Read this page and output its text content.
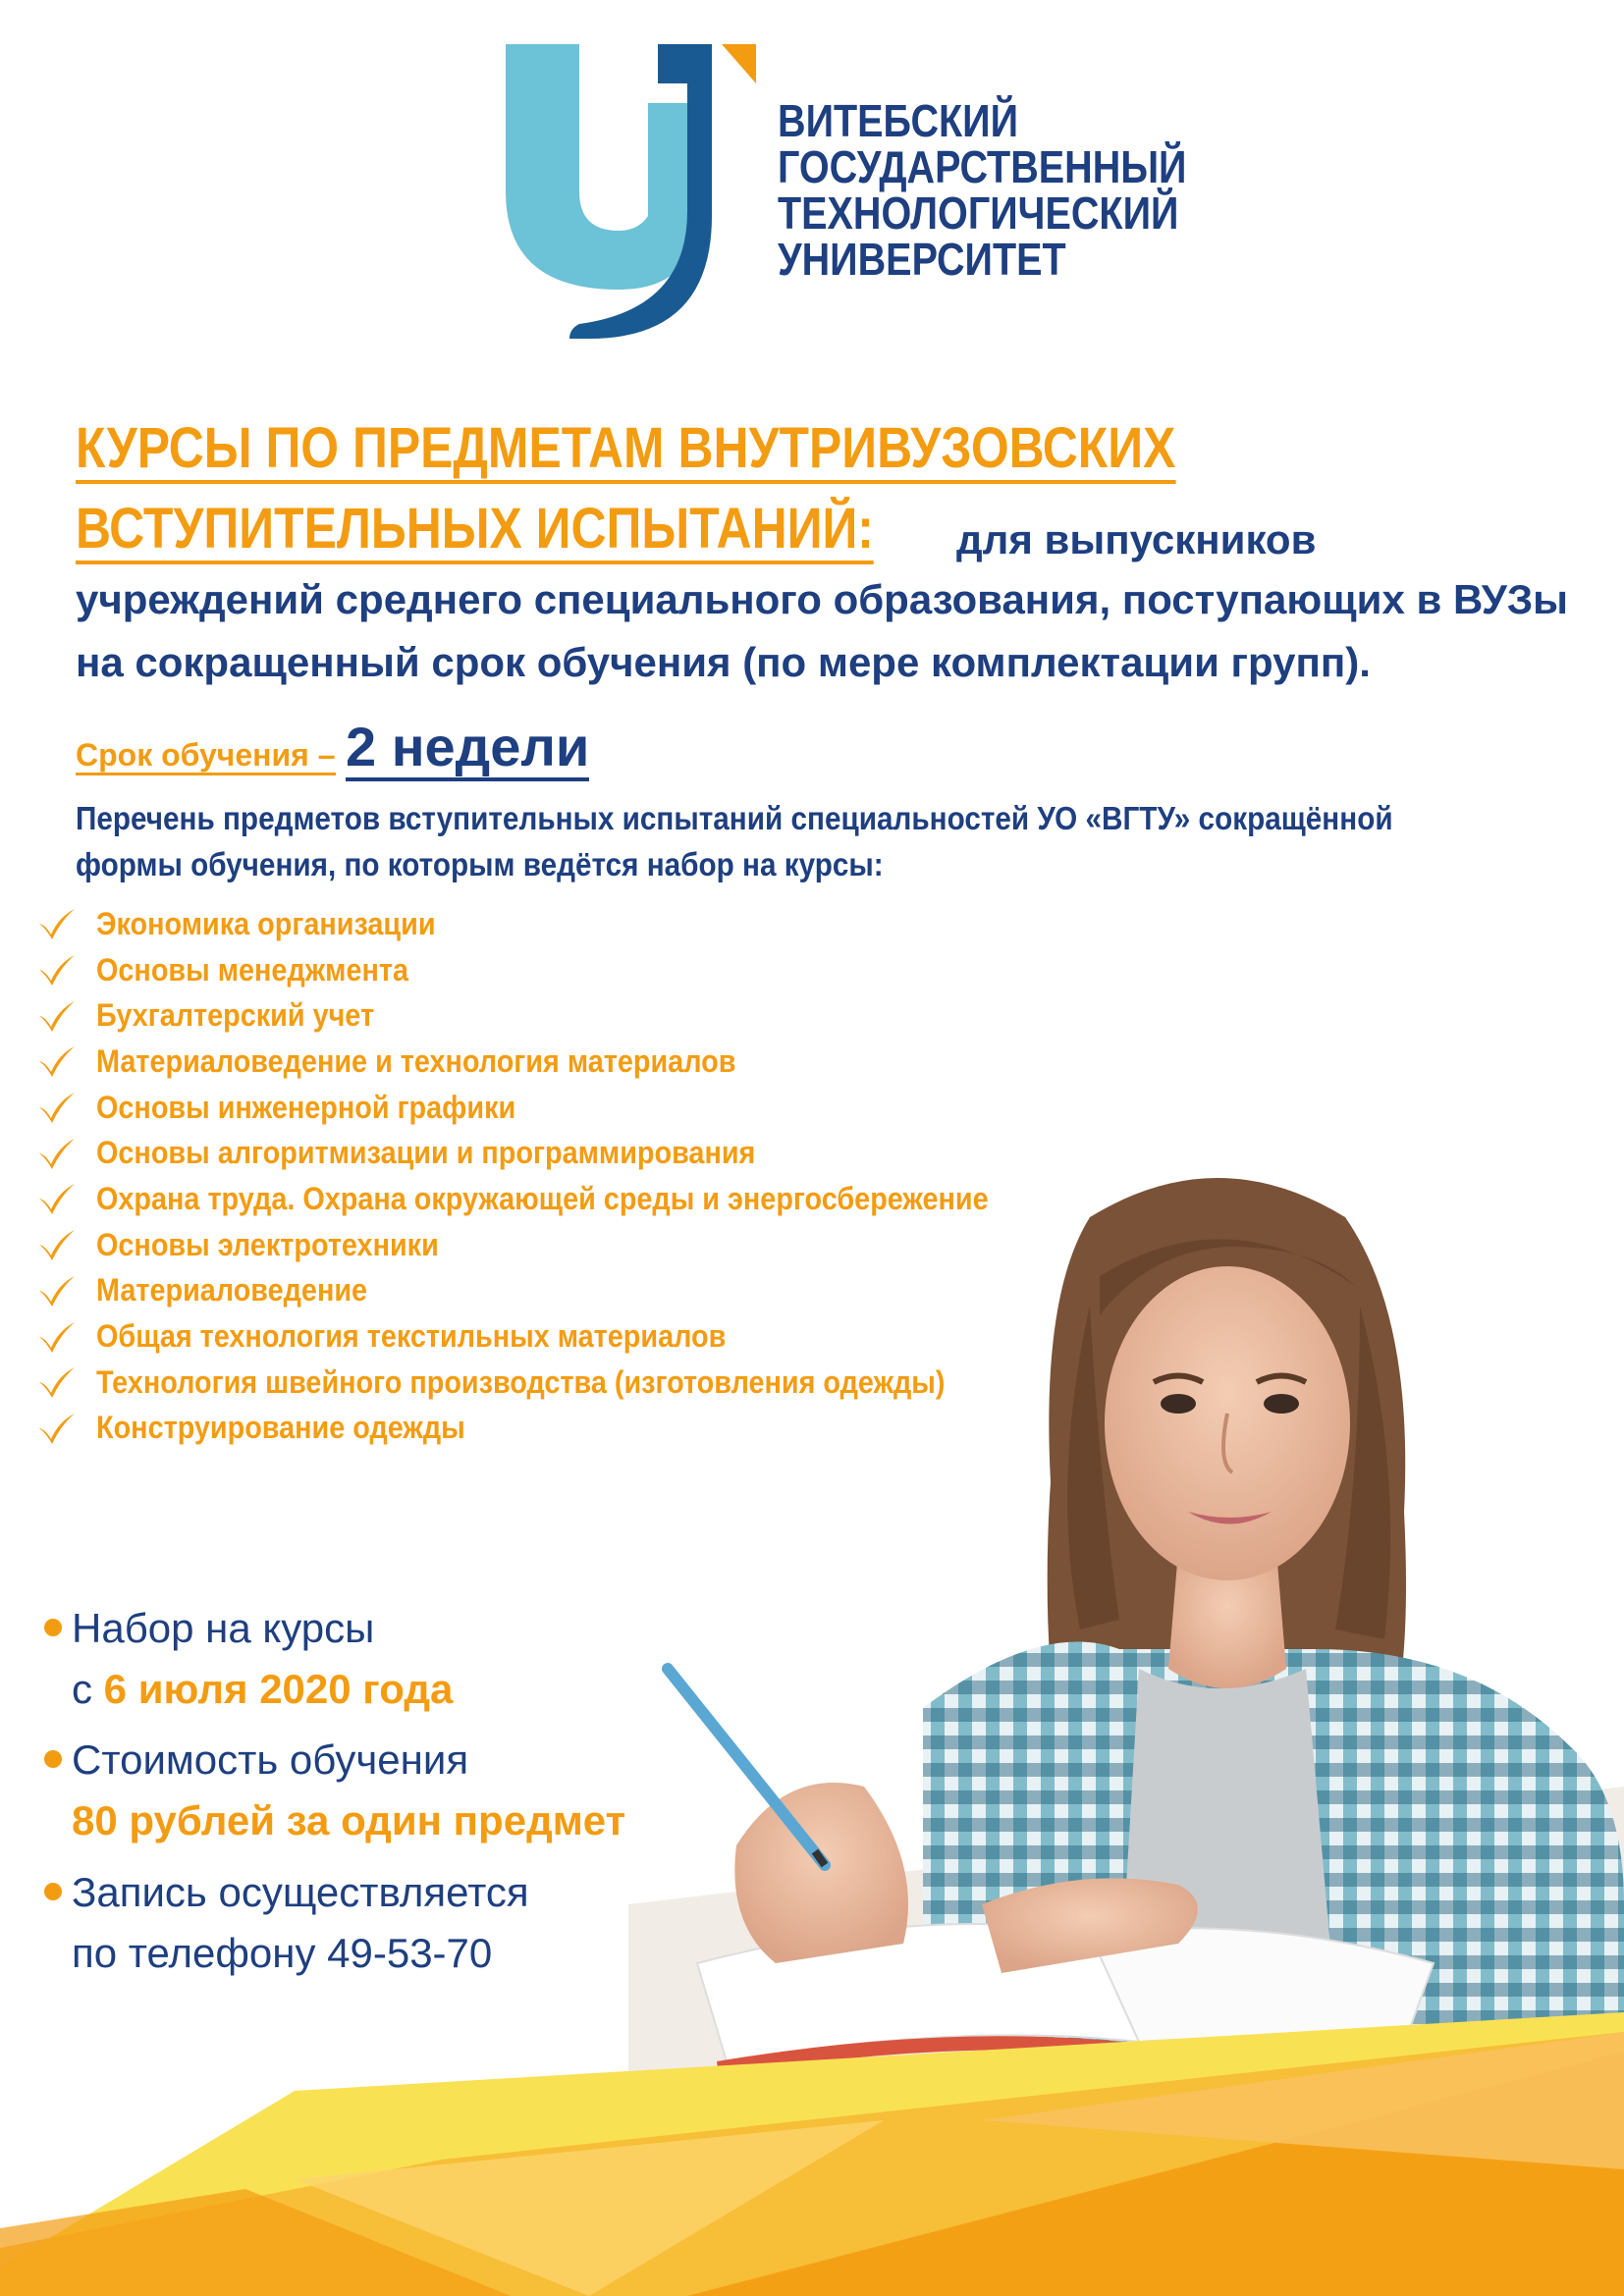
ВИТЕБСКИЙ
ГОСУДАРСТВЕННЫЙ
ТЕХНОЛОГИЧЕСКИЙ
УНИВЕРСИТЕТ
КУРСЫ ПО ПРЕДМЕТАМ ВНУТРИВУЗОВСКИХ
ВСТУПИТЕЛЬНЫХ ИСПЫТАНИЙ: для выпускников
учреждений среднего специального образования, поступающих в ВУЗы
на сокращенный срок обучения (по мере комплектации групп).
Срок обучения – 2 недели
Перечень предметов вступительных испытаний специальностей УО «ВГТУ» сокращённой
формы обучения, по которым ведётся набор на курсы:
Экономика организации
Основы менеджмента
Бухгалтерский учет
Материаловедение и технология материалов
Основы инженерной графики
Основы алгоритмизации и программирования
Охрана труда. Охрана окружающей среды и энергосбережение
Основы электротехники
Материаловедение
Общая технология текстильных материалов
Технология швейного производства (изготовления одежды)
Конструирование одежды
Набор на курсы
с 6 июля 2020 года
Стоимость обучения
80 рублей за один предмет
Запись осуществляется
по телефону 49-53-70
